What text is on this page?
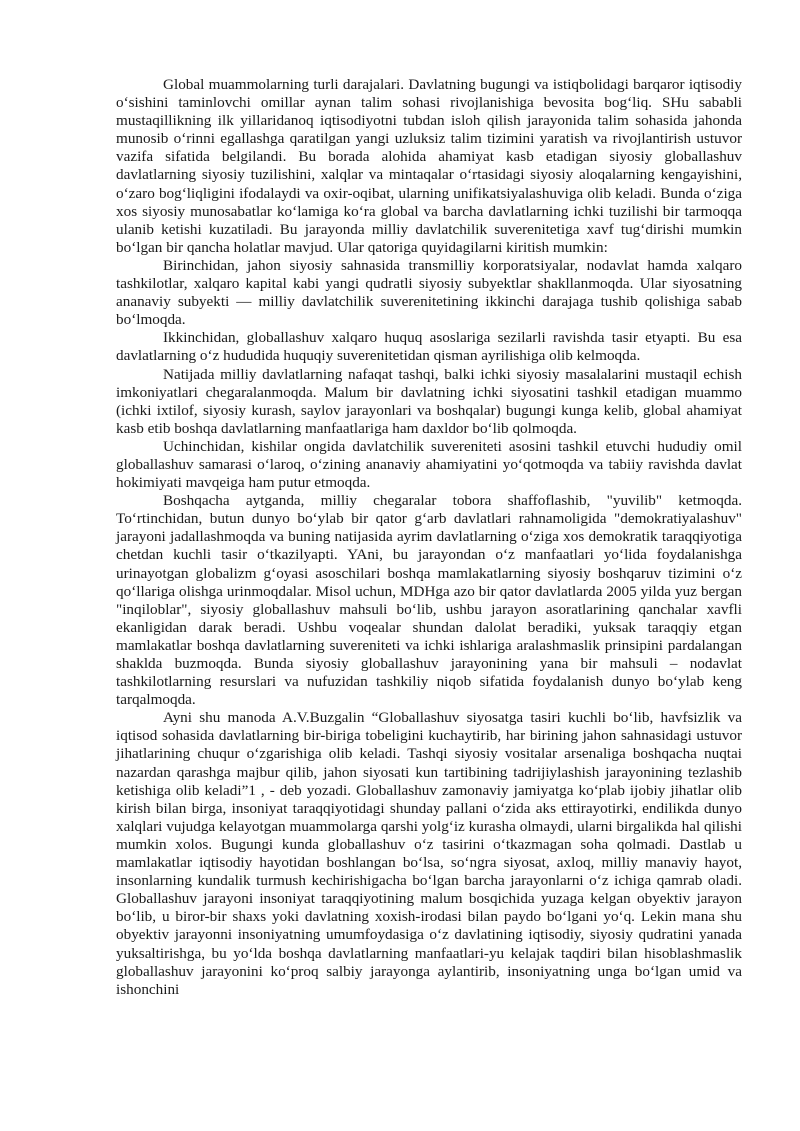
Global muammolarning turli darajalari. Davlatning bugungi va istiqbolidagi barqaror iqtisodiy o‘sishini taminlovchi omillar aynan talim sohasi rivojlanishiga bevosita bog‘liq. SHu sababli mustaqillikning ilk yillaridanoq iqtisodiyotni tubdan isloh qilish jarayonida talim sohasida jahonda munosib o‘rinni egallashga qaratilgan yangi uzluksiz talim tizimini yaratish va rivojlantirish ustuvor vazifa sifatida belgilandi. Bu borada alohida ahamiyat kasb etadigan siyosiy globallashuv davlatlarning siyosiy tuzilishini, xalqlar va mintaqalar o‘rtasidagi siyosiy aloqalarning kengayishini, o‘zaro bog‘liqligini ifodalaydi va oxir-oqibat, ularning unifikatsiyalashuviga olib keladi. Bunda o‘ziga xos siyosiy munosabatlar ko‘lamiga ko‘ra global va barcha davlatlarning ichki tuzilishi bir tarmoqqa ulanib ketishi kuzatiladi. Bu jarayonda milliy davlatchilik suverenitetiga xavf tug‘dirishi mumkin bo‘lgan bir qancha holatlar mavjud. Ular qatoriga quyidagilarni kiritish mumkin:

Birinchidan, jahon siyosiy sahnasida transmilliy korporatsiyalar, nodavlat hamda xalqaro tashkilotlar, xalqaro kapital kabi yangi qudratli siyosiy subyektlar shakllanmoqda. Ular siyosatning ananaviy subyekti — milliy davlatchilik suverenitetining ikkinchi darajaga tushib qolishiga sabab bo‘lmoqda.

Ikkinchidan, globallashuv xalqaro huquq asoslariga sezilarli ravishda tasir etyapti. Bu esa davlatlarning o‘z hududida huquqiy suverenitetidan qisman ayrilishiga olib kelmoqda.

Natijada milliy davlatlarning nafaqat tashqi, balki ichki siyosiy masalalarini mustaqil echish imkoniyatlari chegaralanmoqda. Malum bir davlatning ichki siyosatini tashkil etadigan muammo (ichki ixtilof, siyosiy kurash, saylov jarayonlari va boshqalar) bugungi kunga kelib, global ahamiyat kasb etib boshqa davlatlarning manfaatlariga ham daxldor bo‘lib qolmoqda.

Uchinchidan, kishilar ongida davlatchilik suvereniteti asosini tashkil etuvchi hududiy omil globallashuv samarasi o‘laroq, o‘zining ananaviy ahamiyatini yo‘qotmoqda va tabiiy ravishda davlat hokimiyati mavqeiga ham putur etmoqda.

Boshqacha aytganda, milliy chegaralar tobora shaffoflashib, "yuvilib" ketmoqda. To‘rtinchidan, butun dunyo bo‘ylab bir qator g‘arb davlatlari rahnamoligida "demokratiyalashuv" jarayoni jadallashmoqda va buning natijasida ayrim davlatlarning o‘ziga xos demokratik taraqqiyotiga chetdan kuchli tasir o‘tkazilyapti. YAni, bu jarayondan o‘z manfaatlari yo‘lida foydalanishga urinayotgan globalizm g‘oyasi asoschilari boshqa mamlakatlarning siyosiy boshqaruv tizimini o‘z qo‘llariga olishga urinmoqdalar. Misol uchun, MDHga azo bir qator davlatlarda 2005 yilda yuz bergan "inqiloblar", siyosiy globallashuv mahsuli bo‘lib, ushbu jarayon asoratlarining qanchalar xavfli ekanligidan darak beradi. Ushbu voqealar shundan dalolat beradiki, yuksak taraqqiy etgan mamlakatlar boshqa davlatlarning suvereniteti va ichki ishlariga aralashmaslik prinsipini pardalangan shaklda buzmoqda. Bunda siyosiy globallashuv jarayonining yana bir mahsuli – nodavlat tashkilotlarning resurslari va nufuzidan tashkiliy niqob sifatida foydalanish dunyo bo‘ylab keng tarqalmoqda.

Ayni shu manoda A.V.Buzgalin “Globallashuv siyosatga tasiri kuchli bo‘lib, havfsizlik va iqtisod sohasida davlatlarning bir-biriga tobeligini kuchaytirib, har birining jahon sahnasidagi ustuvor jihatlarining chuqur o‘zgarishiga olib keladi. Tashqi siyosiy vositalar arsenaliga boshqacha nuqtai nazardan qarashga majbur qilib, jahon siyosati kun tartibining tadrijiylashish jarayonining tezlashib ketishiga olib keladi”1 , - deb yozadi. Globallashuv zamonaviy jamiyatga ko‘plab ijobiy jihatlar olib kirish bilan birga, insoniyat taraqqiyotidagi shunday pallani o‘zida aks ettirayotirki, endilikda dunyo xalqlari vujudga kelayotgan muammolarga qarshi yolg‘iz kurasha olmaydi, ularni birgalikda hal qilishi mumkin xolos. Bugungi kunda globallashuv o‘z tasirini o‘tkazmagan soha qolmadi. Dastlab u mamlakatlar iqtisodiy hayotidan boshlangan bo‘lsa, so‘ngra siyosat, axloq, milliy manaviy hayot, insonlarning kundalik turmush kechirishigacha bo‘lgan barcha jarayonlarni o‘z ichiga qamrab oladi. Globallashuv jarayoni insoniyat taraqqiyotining malum bosqichida yuzaga kelgan obyektiv jarayon bo‘lib, u biror-bir shaxs yoki davlatning xoxish-irodasi bilan paydo bo‘lgani yo‘q. Lekin mana shu obyektiv jarayonni insoniyatning umumfoydasiga o‘z davlatining iqtisodiy, siyosiy qudratini yanada yuksaltirishga, bu yo‘lda boshqa davlatlarning manfaatlari-yu kelajak taqdiri bilan hisoblashmaslik globallashuv jarayonini ko‘proq salbiy jarayonga aylantirib, insoniyatning unga bo‘lgan umid va ishonchini
